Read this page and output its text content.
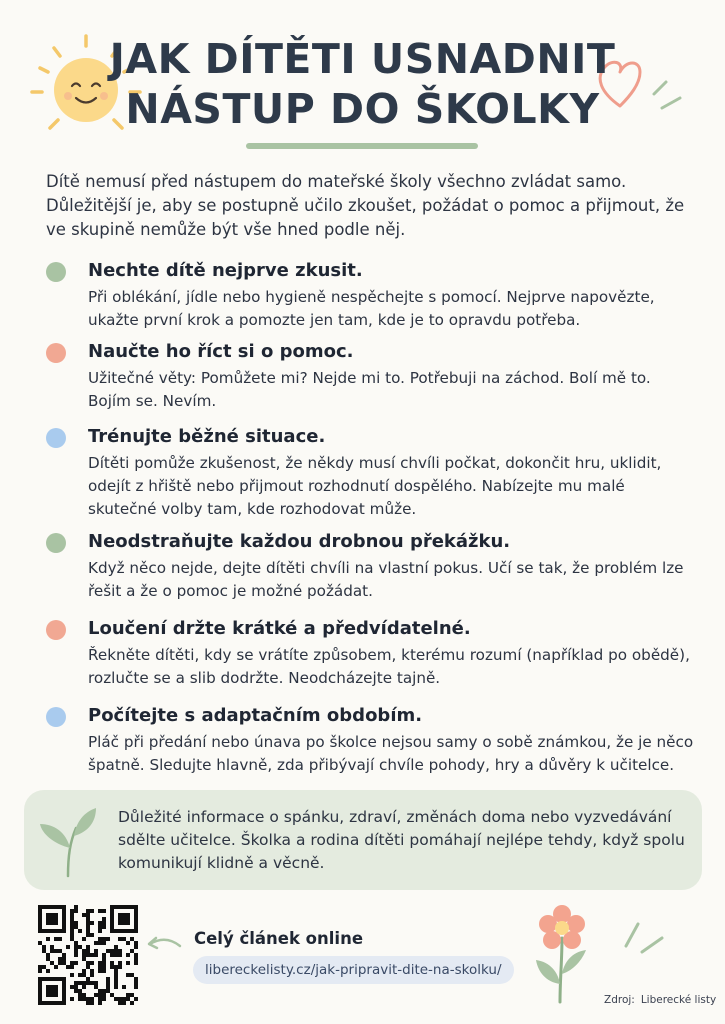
JAK DÍTĚTI USNADNIT
NÁSTUP DO ŠKOLKY
Dítě nemusí před nástupem do mateřské školy všechno zvládat samo. Důležitější je, aby se postupně učilo zkoušet, požádat o pomoc a přijmout, že ve skupině nemůže být vše hned podle něj.
Nechte dítě nejprve zkusit.
Při oblékání, jídle nebo hygieně nespěchejte s pomocí. Nejprve napovězte, ukažte první krok a pomozte jen tam, kde je to opravdu potřeba.
Naučte ho říct si o pomoc.
Užitečné věty: Pomůžete mi? Nejde mi to. Potřebuji na záchod. Bolí mě to. Bojím se. Nevím.
Trénujte běžné situace.
Dítěti pomůže zkušenost, že někdy musí chvíli počkat, dokončit hru, uklidit, odejít z hřiště nebo přijmout rozhodnutí dospělého. Nabízejte mu malé skutečné volby tam, kde rozhodovat může.
Neodstraňujte každou drobnou překážku.
Když něco nejde, dejte dítěti chvíli na vlastní pokus. Učí se tak, že problém lze řešit a že o pomoc je možné požádat.
Loučení držte krátké a předvídatelné.
Řekněte dítěti, kdy se vrátíte způsobem, kterému rozumí (například po obědě), rozlučte se a slib dodržte. Neodcházejte tajně.
Počítejte s adaptačním obdobím.
Pláč při předání nebo únava po školce nejsou samy o sobě známkou, že je něco špatně. Sledujte hlavně, zda přibývají chvíle pohody, hry a důvěry k učitelce.
Důležité informace o spánku, zdraví, změnách doma nebo vyzvedávání sdělte učitelce. Školka a rodina dítěti pomáhají nejlépe tehdy, když spolu komunikují klidně a věcně.
Celý článek online
libereckelisty.cz/jak-pripravit-dite-na-skolku/
Zdroj: Liberecké listy
